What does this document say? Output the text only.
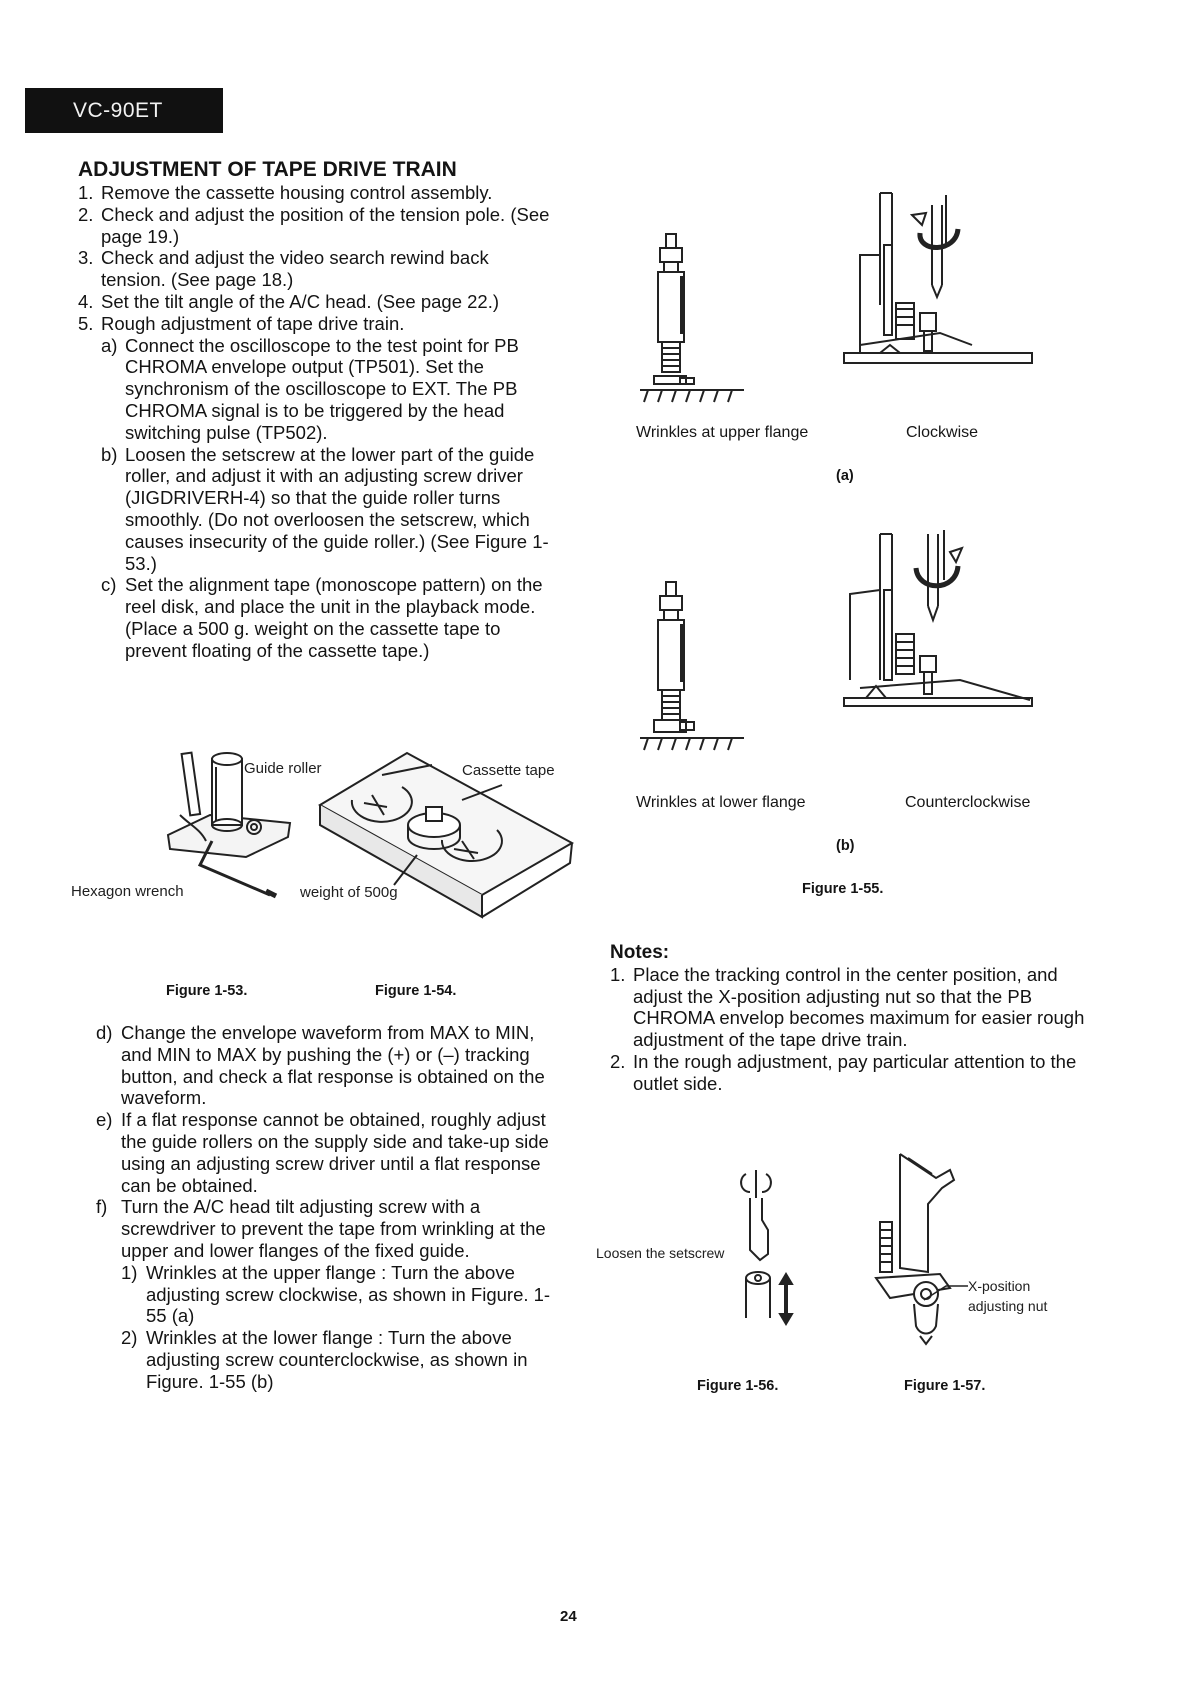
VC-90ET
ADJUSTMENT OF TAPE DRIVE TRAIN
1. Remove the cassette housing control assembly.
2. Check and adjust the position of the tension pole. (See page 19.)
3. Check and adjust the video search rewind back tension. (See page 18.)
4. Set the tilt angle of the A/C head. (See page 22.)
5. Rough adjustment of tape drive train.
a) Connect the oscilloscope to the test point for PB CHROMA envelope output (TP501). Set the synchronism of the oscilloscope to EXT. The PB CHROMA signal is to be triggered by the head switching pulse (TP502).
b) Loosen the setscrew at the lower part of the guide roller, and adjust it with an adjusting screw driver (JIGDRIVERH-4) so that the guide roller turns smoothly. (Do not overloosen the setscrew, which causes insecurity of the guide roller.) (See Figure 1-53.)
c) Set the alignment tape (monoscope pattern) on the reel disk, and place the unit in the playback mode.
(Place a 500 g. weight on the cassette tape to prevent floating of the cassette tape.)
Guide roller
Hexagon wrench
Cassette tape
weight of 500g
Figure 1-53.	Figure 1-54.
d) Change the envelope waveform from MAX to MIN, and MIN to MAX by pushing the (+) or (–) tracking button, and check a flat response is obtained on the waveform.
e) If a flat response cannot be obtained, roughly adjust the guide rollers on the supply side and take-up side using an adjusting screw driver until a flat response can be obtained.
f) Turn the A/C head tilt adjusting screw with a screwdriver to prevent the tape from wrinkling at the upper and lower flanges of the fixed guide.
1) Wrinkles at the upper flange : Turn the above adjusting screw clockwise, as shown in Figure. 1-55 (a)
2) Wrinkles at the lower flange : Turn the above adjusting screw counterclockwise, as shown in Figure. 1-55 (b)
Wrinkles at upper flange	Clockwise
(a)
Wrinkles at lower flange	Counterclockwise
(b)
Figure 1-55.
Notes:
1. Place the tracking control in the center position, and adjust the X-position adjusting nut so that the PB CHROMA envelop becomes maximum for easier rough adjustment of the tape drive train.
2. In the rough adjustment, pay particular attention to the outlet side.
Loosen the setscrew
Figure 1-56.
X-position
adjusting nut
Figure 1-57.
24
